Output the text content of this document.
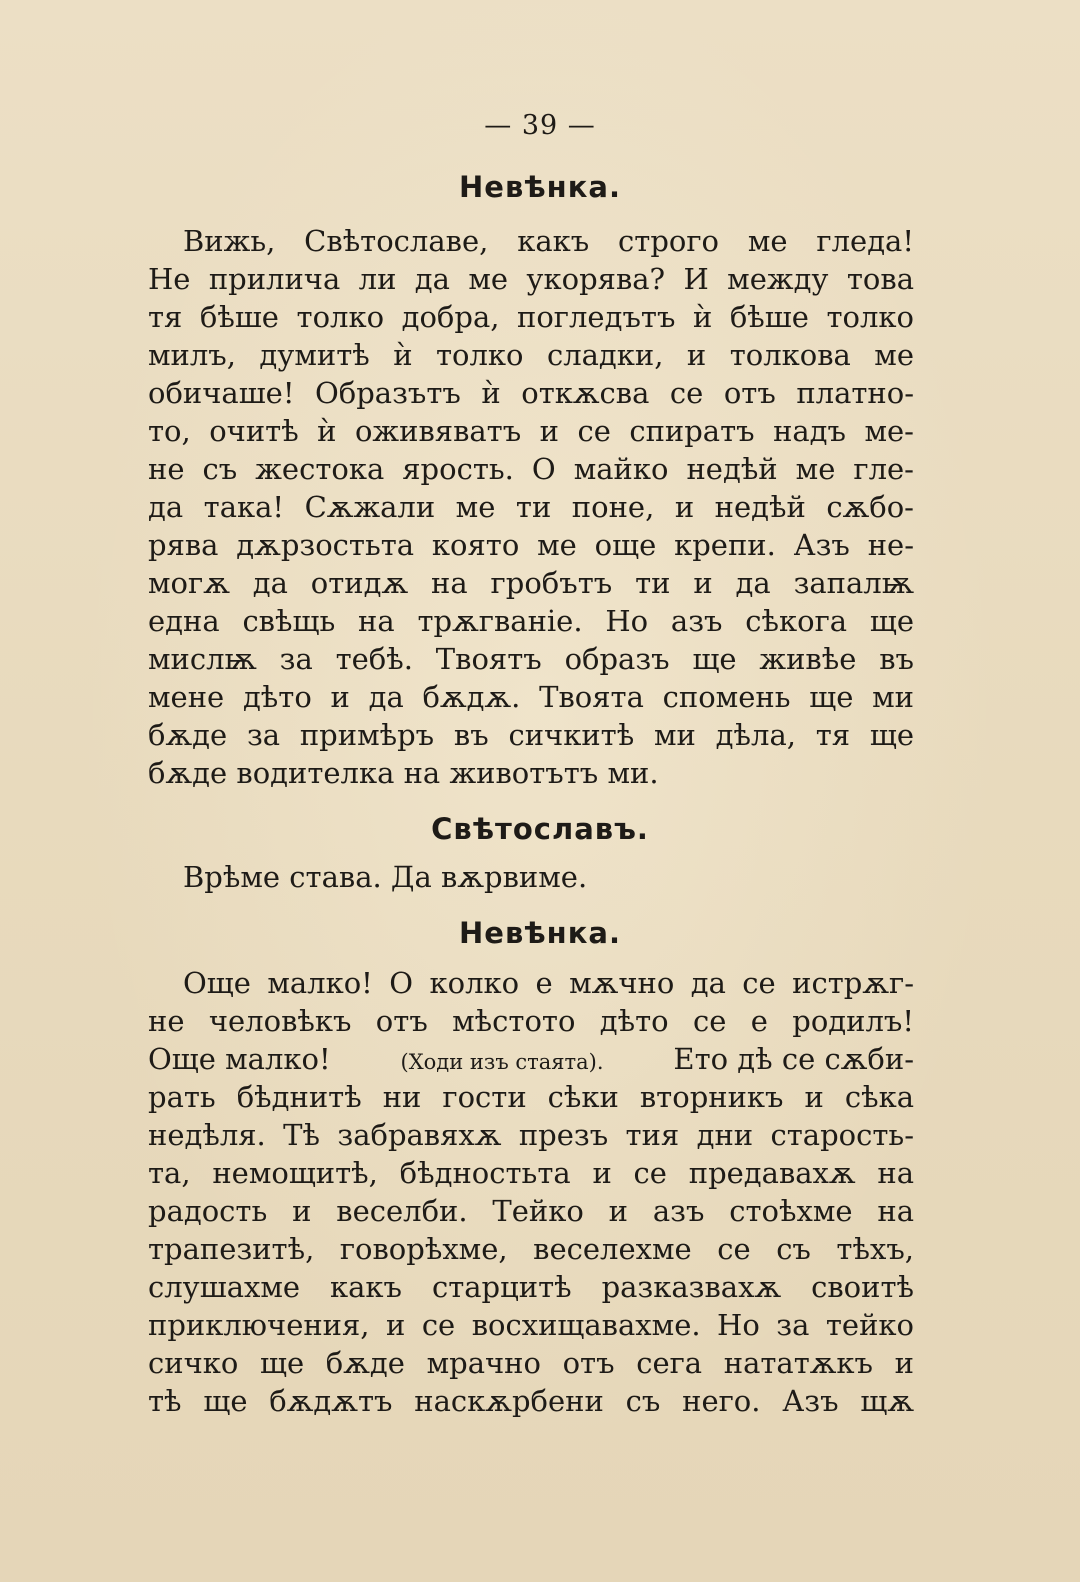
— 39 —
Невѣнка.
Вижь, Свѣтославе, какъ строго ме гледа!
Не прилича ли да ме укорява? И между това
тя бѣше толко добра, погледътъ ѝ бѣше толко
милъ, думитѣ ѝ толко сладки, и толкова ме
обичаше! Образътъ ѝ откѫсва се отъ платно-
то, очитѣ ѝ оживяватъ и се спиратъ надъ ме-
не съ жестока ярость. О майко недѣй ме гле-
да така! Сѫжали ме ти поне, и недѣй сѫбо-
рява дѫрзостьта която ме още крепи. Азъ не-
могѫ да отидѫ на гробътъ ти и да запалѭ
една свѣщь на трѫгваніе. Но азъ сѣкога ще
мислѭ за тебѣ. Твоятъ образъ ще живѣе въ
мене дѣто и да бѫдѫ. Твоята спомень ще ми
бѫде за примѣръ въ сичкитѣ ми дѣла, тя ще
бѫде водителка на животътъ ми.
Свѣтославъ.
Врѣме става. Да вѫрвиме.
Невѣнка.
Още малко! О колко е мѫчно да се истрѫг-
не человѣкъ отъ мѣстото дѣто се е родилъ!
Още малко!	(Ходи изъ стаята). Ето дѣ се сѫби-
рать бѣднитѣ ни гости сѣки вторникъ и сѣка
недѣля. Тѣ забравяхѫ презъ тия дни старость-
та, немощитѣ, бѣдностьта и се предавахѫ на
радость и веселби. Тейко и азъ стоѣхме на
трапезитѣ, говорѣхме, веселехме се съ тѣхъ,
слушахме какъ старцитѣ разказвахѫ своитѣ
приключения, и се восхищавахме. Но за тейко
сичко ще бѫде мрачно отъ сега нататѫкъ и
тѣ ще бѫдѫтъ наскѫрбени съ него. Азъ щѫ
